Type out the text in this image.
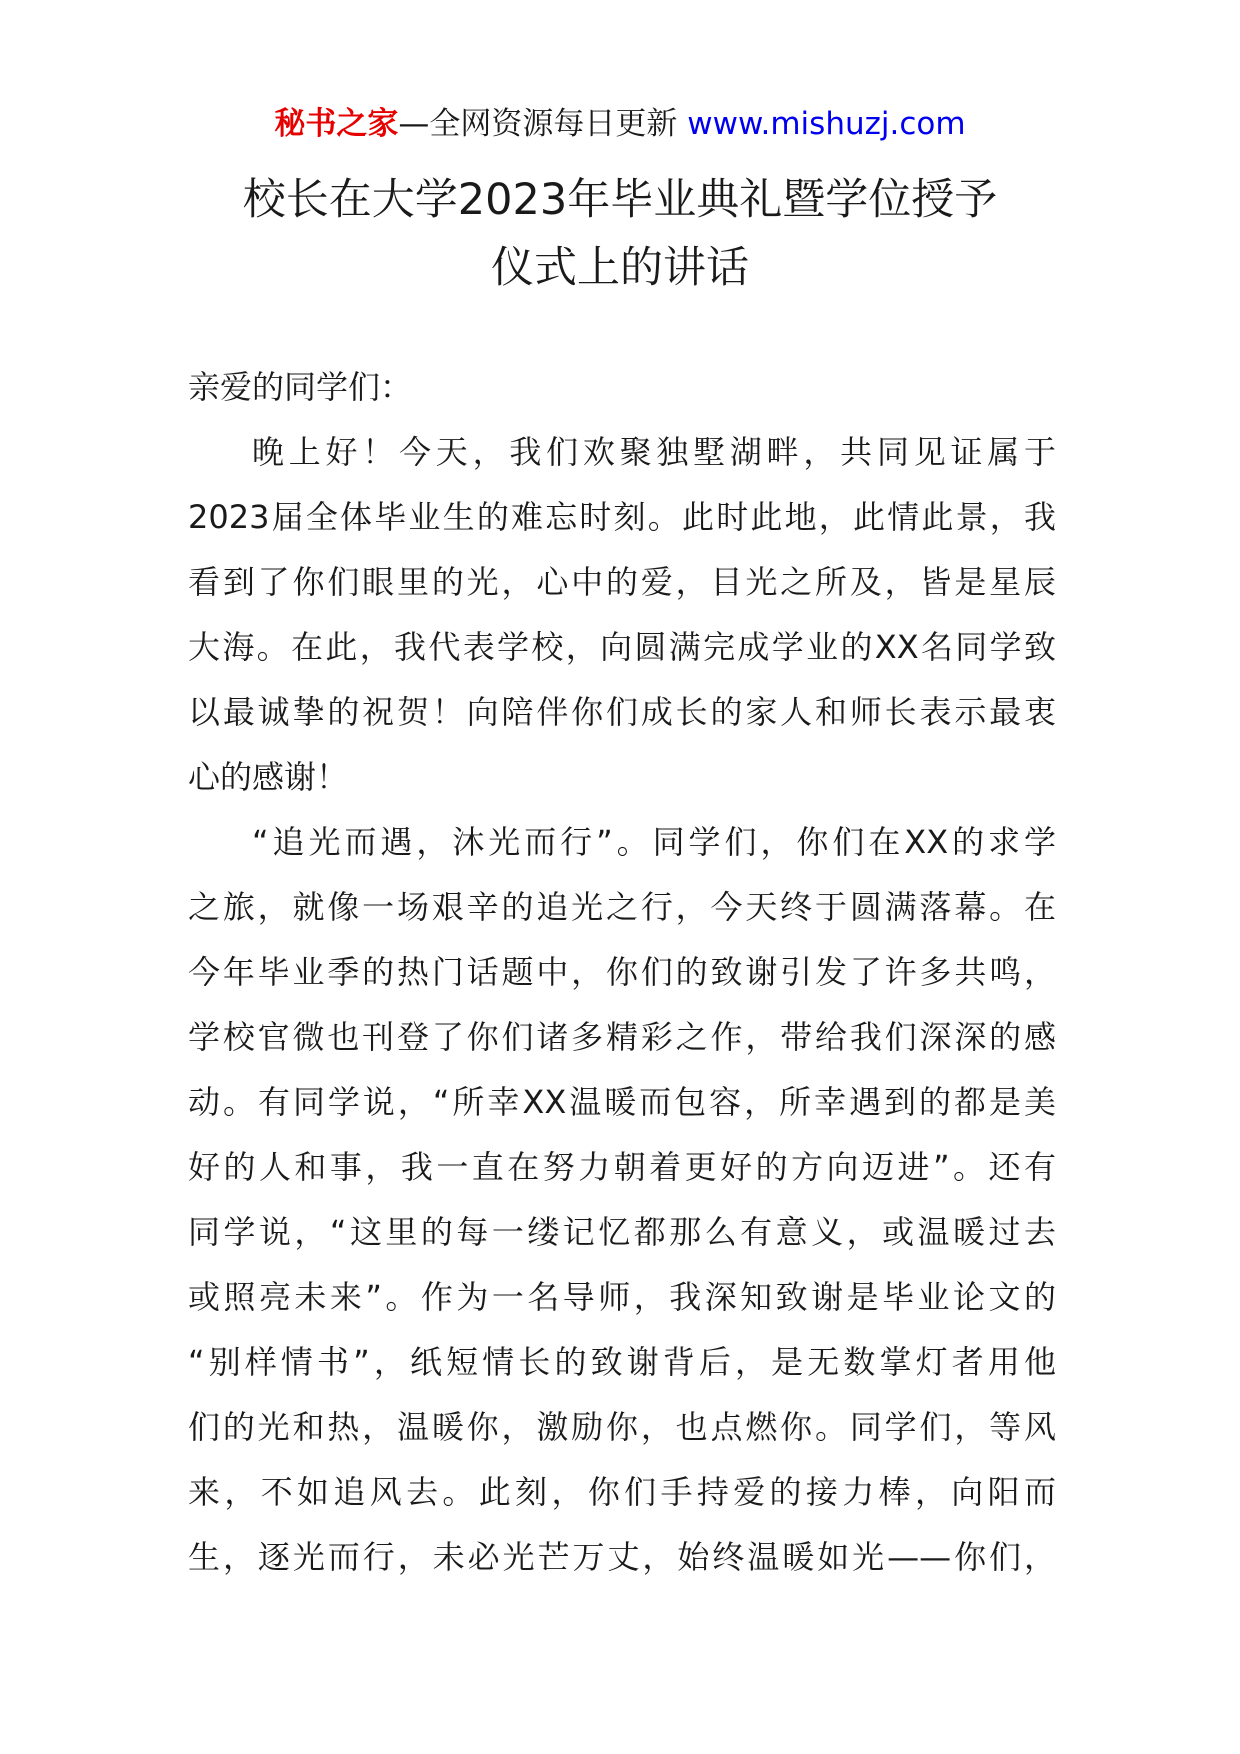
秘书之家—全网资源每日更新 www.mishuzj.com
校长在大学2023年毕业典礼暨学位授予
仪式上的讲话
亲爱的同学们：
晚上好！今天，我们欢聚独墅湖畔，共同见证属于
2023届全体毕业生的难忘时刻。此时此地，此情此景，我
看到了你们眼里的光，心中的爱，目光之所及，皆是星辰
大海。在此，我代表学校，向圆满完成学业的XX名同学致
以最诚挚的祝贺！向陪伴你们成长的家人和师长表示最衷
心的感谢！
“追光而遇，沐光而行”。同学们，你们在XX的求学
之旅，就像一场艰辛的追光之行，今天终于圆满落幕。在
今年毕业季的热门话题中，你们的致谢引发了许多共鸣，
学校官微也刊登了你们诸多精彩之作，带给我们深深的感
动。有同学说，“所幸XX温暖而包容，所幸遇到的都是美
好的人和事，我一直在努力朝着更好的方向迈进”。还有
同学说，“这里的每一缕记忆都那么有意义，或温暖过去
或照亮未来”。作为一名导师，我深知致谢是毕业论文的
“别样情书”，纸短情长的致谢背后，是无数掌灯者用他
们的光和热，温暖你，激励你，也点燃你。同学们，等风
来，不如追风去。此刻，你们手持爱的接力棒，向阳而
生，逐光而行，未必光芒万丈，始终温暖如光——你们，
